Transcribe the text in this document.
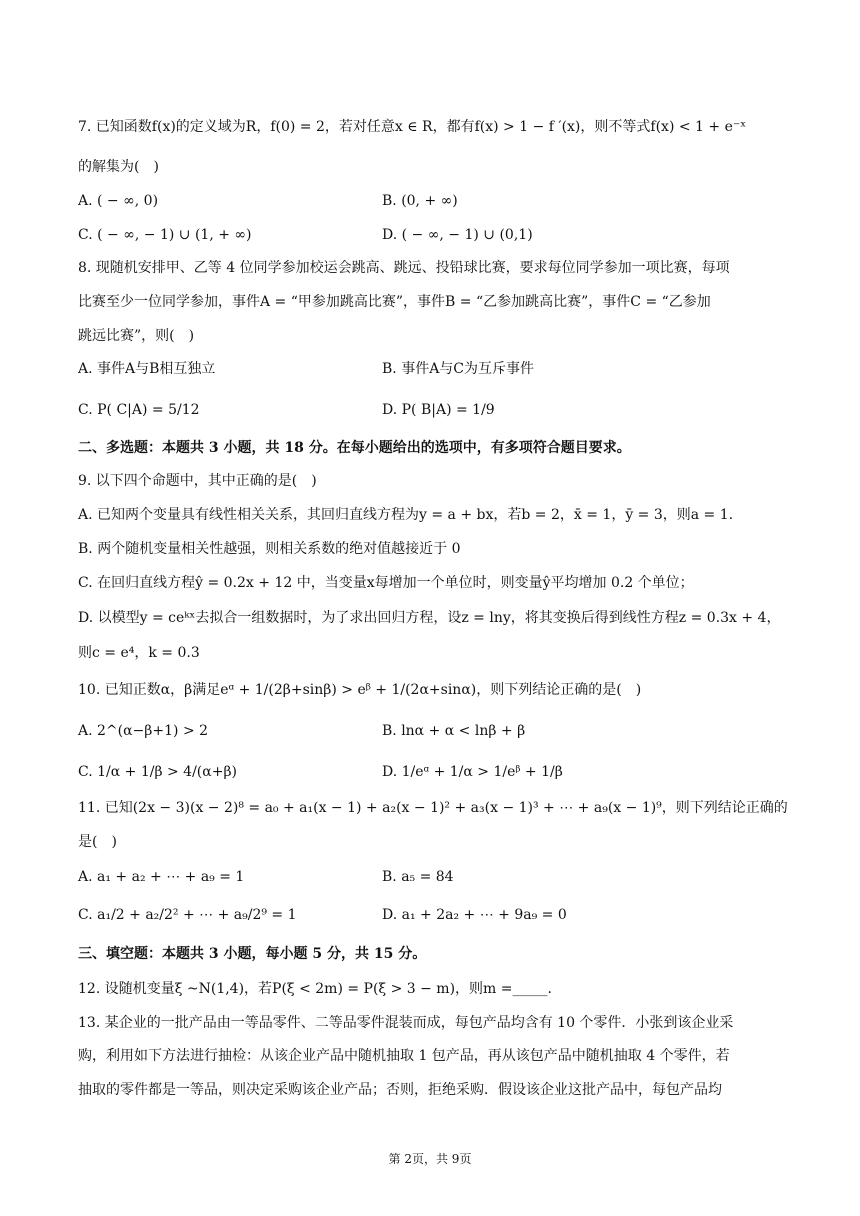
7. 已知函数f(x)的定义域为R，f(0) = 2，若对任意x ∈ R，都有f(x) > 1 − f ′(x)，则不等式f(x) < 1 + e⁻ˣ
的解集为(　)
A. ( − ∞, 0)	B. (0, + ∞)
C. ( − ∞, − 1) ∪ (1, + ∞)	D. ( − ∞, − 1) ∪ (0,1)
8. 现随机安排甲、乙等 4 位同学参加校运会跳高、跳远、投铅球比赛，要求每位同学参加一项比赛，每项
比赛至少一位同学参加，事件A = “甲参加跳高比赛”，事件B = “乙参加跳高比赛”，事件C = “乙参加
跳远比赛”，则(　)
A. 事件A与B相互独立	B. 事件A与C为互斥事件
C. P( C|A) = 5/12	D. P( B|A) = 1/9
二、多选题：本题共 3 小题，共 18 分。在每小题给出的选项中，有多项符合题目要求。
9. 以下四个命题中，其中正确的是(　)
A. 已知两个变量具有线性相关关系，其回归直线方程为y = a + bx，若b = 2，x̄ = 1，ȳ = 3，则a = 1.
B. 两个随机变量相关性越强，则相关系数的绝对值越接近于 0
C. 在回归直线方程ŷ = 0.2x + 12 中，当变量x每增加一个单位时，则变量ŷ平均增加 0.2 个单位；
D. 以模型y = ceᵏˣ去拟合一组数据时，为了求出回归方程，设z = lny，将其变换后得到线性方程z = 0.3x + 4，
则c = e⁴，k = 0.3
10. 已知正数α，β满足eᵅ + 1/(2β+sinβ) > eᵝ + 1/(2α+sinα)，则下列结论正确的是(　)
A. 2^(α−β+1) > 2	B. lnα + α < lnβ + β
C. 1/α + 1/β > 4/(α+β)	D. 1/eᵅ + 1/α > 1/eᵝ + 1/β
11. 已知(2x − 3)(x − 2)⁸ = a₀ + a₁(x − 1) + a₂(x − 1)² + a₃(x − 1)³ + ⋯ + a₉(x − 1)⁹，则下列结论正确的
是(　)
A. a₁ + a₂ + ⋯ + a₉ = 1	B. a₅ = 84
C. a₁/2 + a₂/2² + ⋯ + a₉/2⁹ = 1	D. a₁ + 2a₂ + ⋯ + 9a₉ = 0
三、填空题：本题共 3 小题，每小题 5 分，共 15 分。
12. 设随机变量ξ ~N(1,4)，若P(ξ < 2m) = P(ξ > 3 − m)，则m =_____.
13. 某企业的一批产品由一等品零件、二等品零件混装而成，每包产品均含有 10 个零件．小张到该企业采
购，利用如下方法进行抽检：从该企业产品中随机抽取 1 包产品，再从该包产品中随机抽取 4 个零件，若
抽取的零件都是一等品，则决定采购该企业产品；否则，拒绝采购．假设该企业这批产品中，每包产品均
第 2页，共 9页
